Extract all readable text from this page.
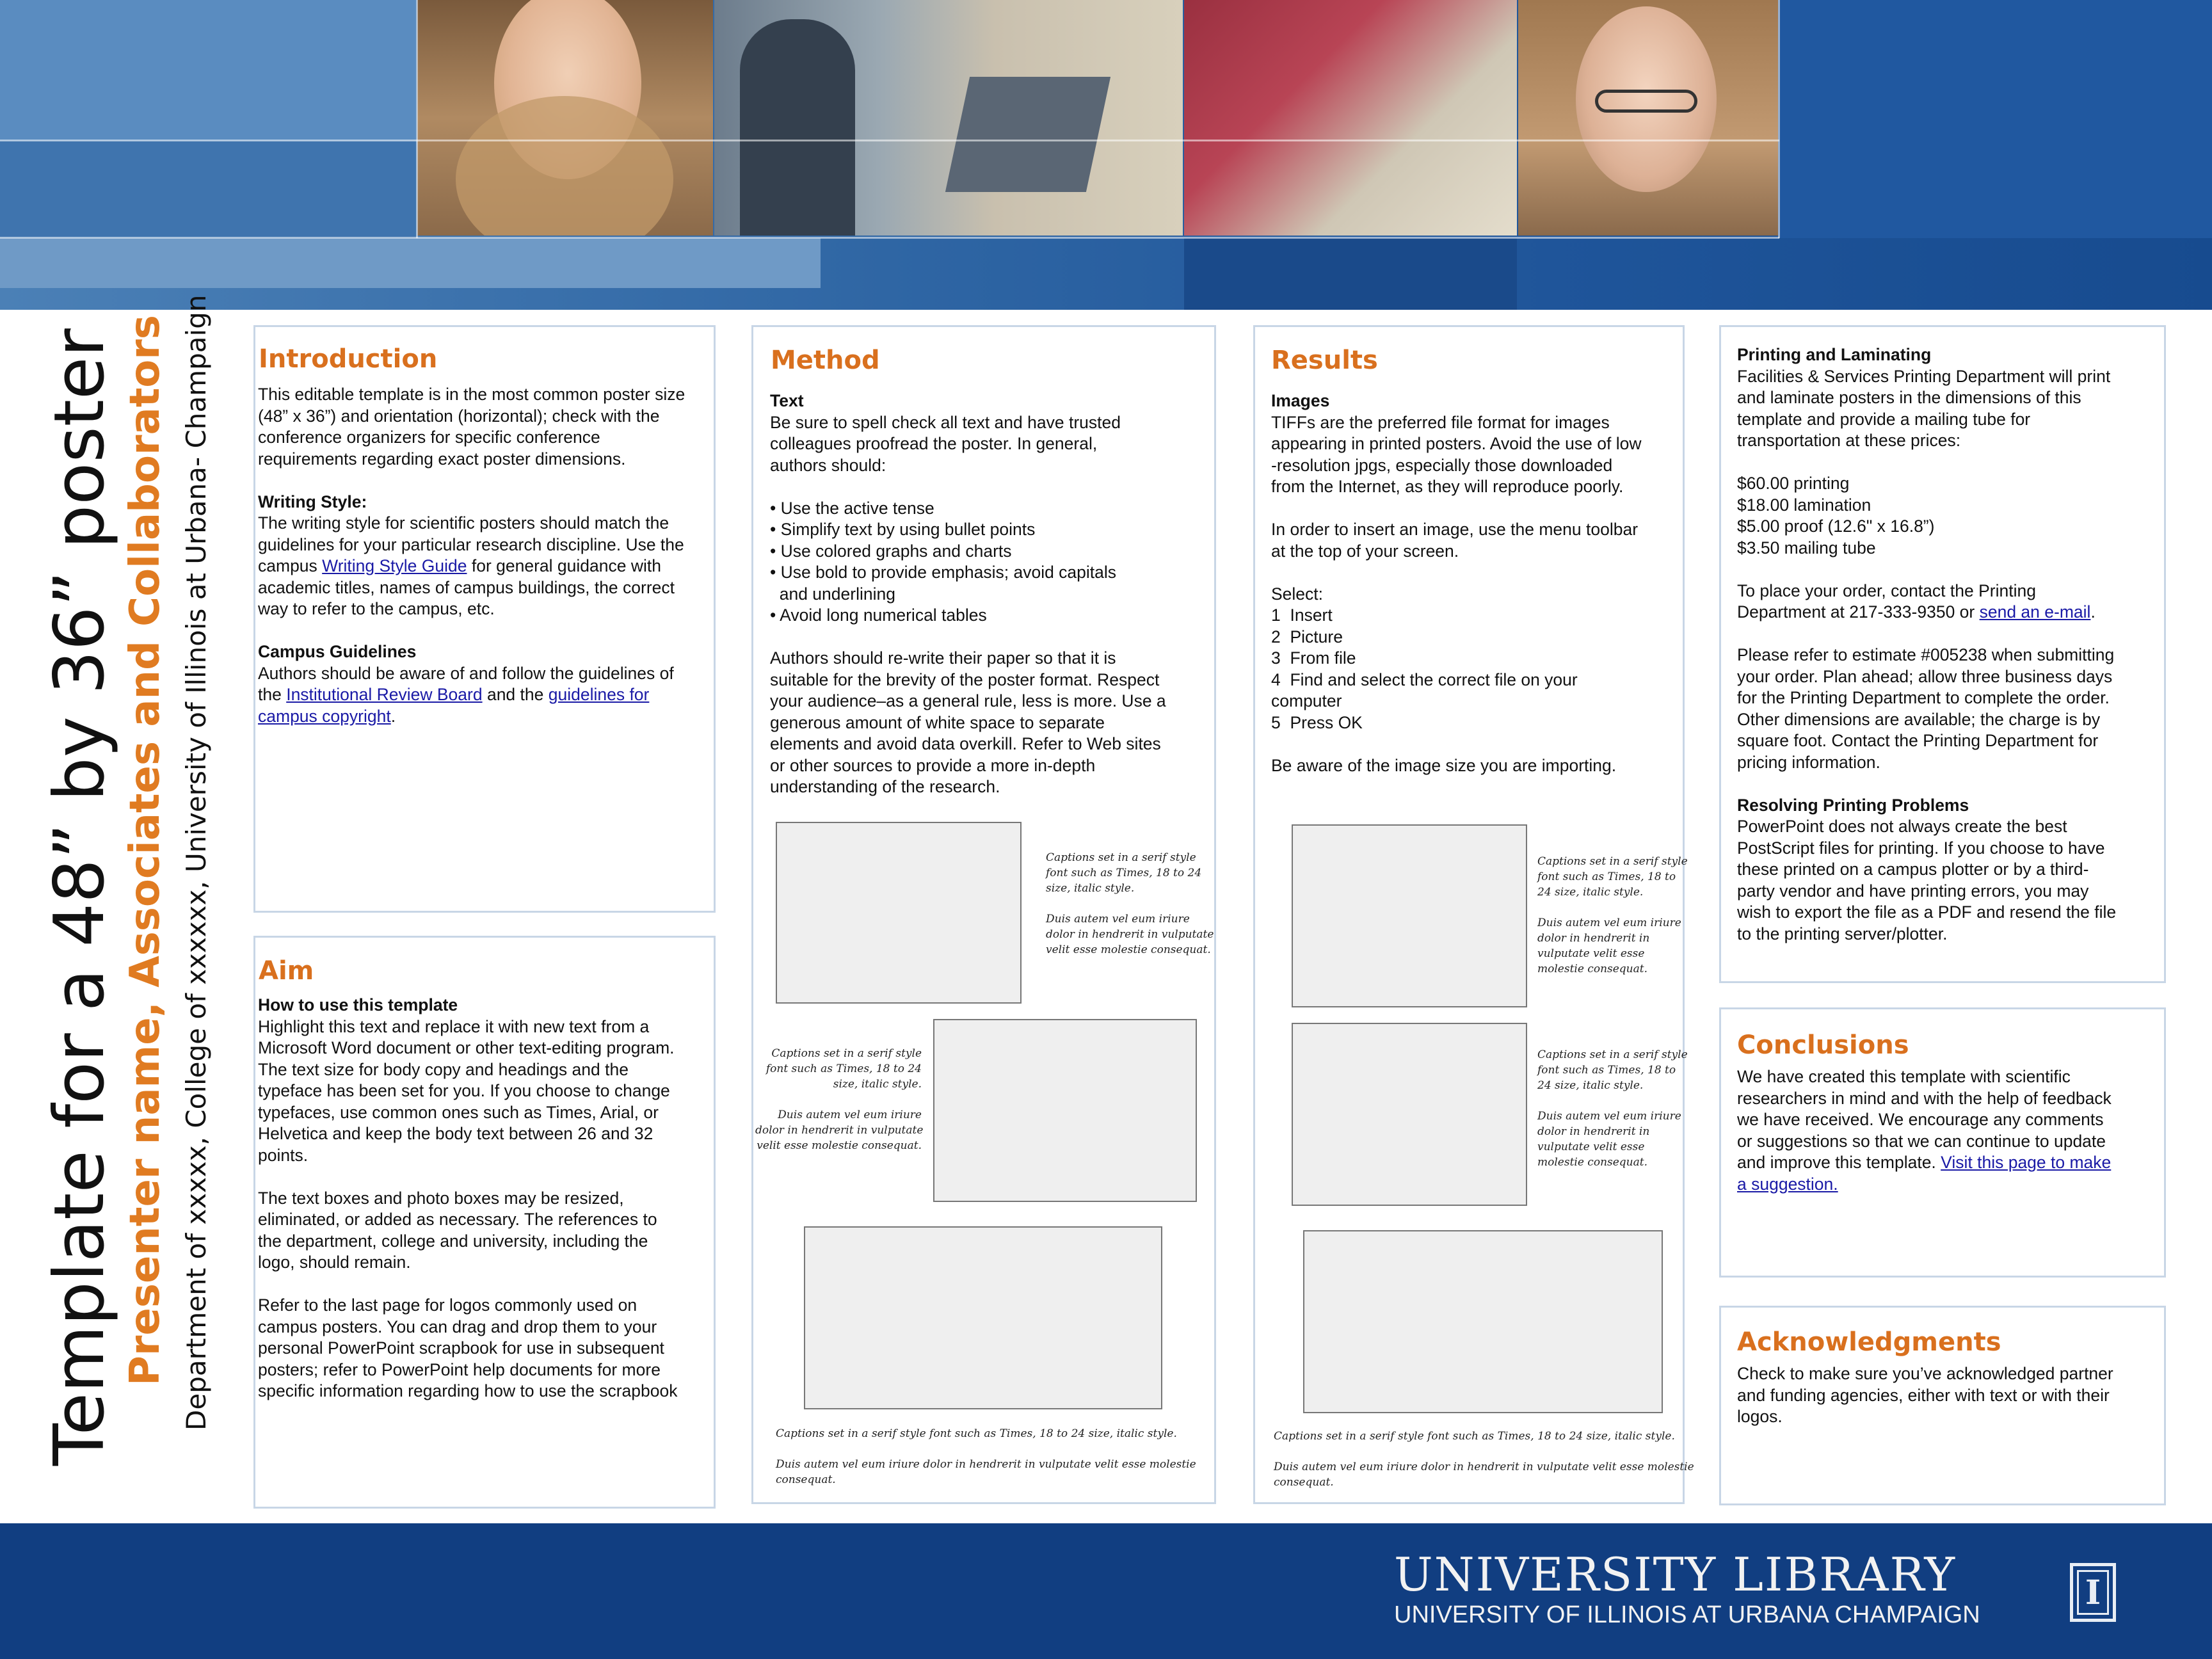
Template for a 48” by 36” poster Presenter name, Associates and Collaborators Department of xxxxx, College of xxxxxx, University of Illinois at Urbana- Champaign Introduction

This editable template is in the most common poster size

(48” x 36”) and orientation (horizontal); check with the

conference organizers for specific conference

requirements regarding exact poster dimensions.

Writing Style:

The writing style for scientific posters should match the

guidelines for your particular research discipline. Use the

campus Writing Style Guide for general guidance with

academic titles, names of campus buildings, the correct

way to refer to the campus, etc.

Campus Guidelines

Authors should be aware of and follow the guidelines of

the Institutional Review Board and the guidelines for

campus copyright.

Aim

How to use this template

Highlight this text and replace it with new text from a

Microsoft Word document or other text-editing program.

The text size for body copy and headings and the

typeface has been set for you. If you choose to change

typefaces, use common ones such as Times, Arial, or

Helvetica and keep the body text between 26 and 32

points.

The text boxes and photo boxes may be resized,

eliminated, or added as necessary. The references to

the department, college and university, including the

logo, should remain.

Refer to the last page for logos commonly used on

campus posters. You can drag and drop them to your

personal PowerPoint scrapbook for use in subsequent

posters; refer to PowerPoint help documents for more

specific information regarding how to use the scrapbook

Method

Text

Be sure to spell check all text and have trusted

colleagues proofread the poster. In general,

authors should:

• Use the active tense

• Simplify text by using bullet points

• Use colored graphs and charts

• Use bold to provide emphasis; avoid capitals

and underlining

• Avoid long numerical tables

Authors should re-write their paper so that it is

suitable for the brevity of the poster format. Respect

your audience–as a general rule, less is more. Use a

generous amount of white space to separate

elements and avoid data overkill. Refer to Web sites

or other sources to provide a more in-depth

understanding of the research.

Captions set in a serif style

font such as Times, 18 to 24

size, italic style.

Duis autem vel eum iriure

dolor in hendrerit in vulputate

velit esse molestie consequat.

Captions set in a serif style

font such as Times, 18 to 24

size, italic style.

Duis autem vel eum iriure

dolor in hendrerit in vulputate

velit esse molestie consequat.

Captions set in a serif style font such as Times, 18 to 24 size, italic style.

Duis autem vel eum iriure dolor in hendrerit in vulputate velit esse molestie

consequat.

Results

Images

TIFFs are the preferred file format for images

appearing in printed posters. Avoid the use of low

-resolution jpgs, especially those downloaded

from the Internet, as they will reproduce poorly.

In order to insert an image, use the menu toolbar

at the top of your screen.

Select:

1  Insert

2  Picture

3  From file

4  Find and select the correct file on your

computer

5  Press OK

Be aware of the image size you are importing.

Captions set in a serif style

font such as Times, 18 to

24 size, italic style.

Duis autem vel eum iriure

dolor in hendrerit in

vulputate velit esse

molestie consequat.

Captions set in a serif style

font such as Times, 18 to

24 size, italic style.

Duis autem vel eum iriure

dolor in hendrerit in

vulputate velit esse

molestie consequat.

Captions set in a serif style font such as Times, 18 to 24 size, italic style.

Duis autem vel eum iriure dolor in hendrerit in vulputate velit esse molestie

consequat.

Printing and Laminating

Facilities & Services Printing Department will print

and laminate posters in the dimensions of this

template and provide a mailing tube for

transportation at these prices:

$60.00 printing

$18.00 lamination

$5.00 proof (12.6" x 16.8”)

$3.50 mailing tube

To place your order, contact the Printing

Department at 217-333-9350 or send an e-mail.

Please refer to estimate #005238 when submitting

your order. Plan ahead; allow three business days

for the Printing Department to complete the order.

Other dimensions are available; the charge is by

square foot. Contact the Printing Department for

pricing information.

Resolving Printing Problems

PowerPoint does not always create the best

PostScript files for printing. If you choose to have

these printed on a campus plotter or by a third-

party vendor and have printing errors, you may

wish to export the file as a PDF and resend the file

to the printing server/plotter.

Conclusions

We have created this template with scientific

researchers in mind and with the help of feedback

we have received. We encourage any comments

or suggestions so that we can continue to update

and improve this template. Visit this page to make

a suggestion.

Acknowledgments

Check to make sure you’ve acknowledged partner

and funding agencies, either with text or with their

logos.

UNIVERSITY LIBRARY
UNIVERSITY OF ILLINOIS AT URBANA CHAMPAIGN
I
